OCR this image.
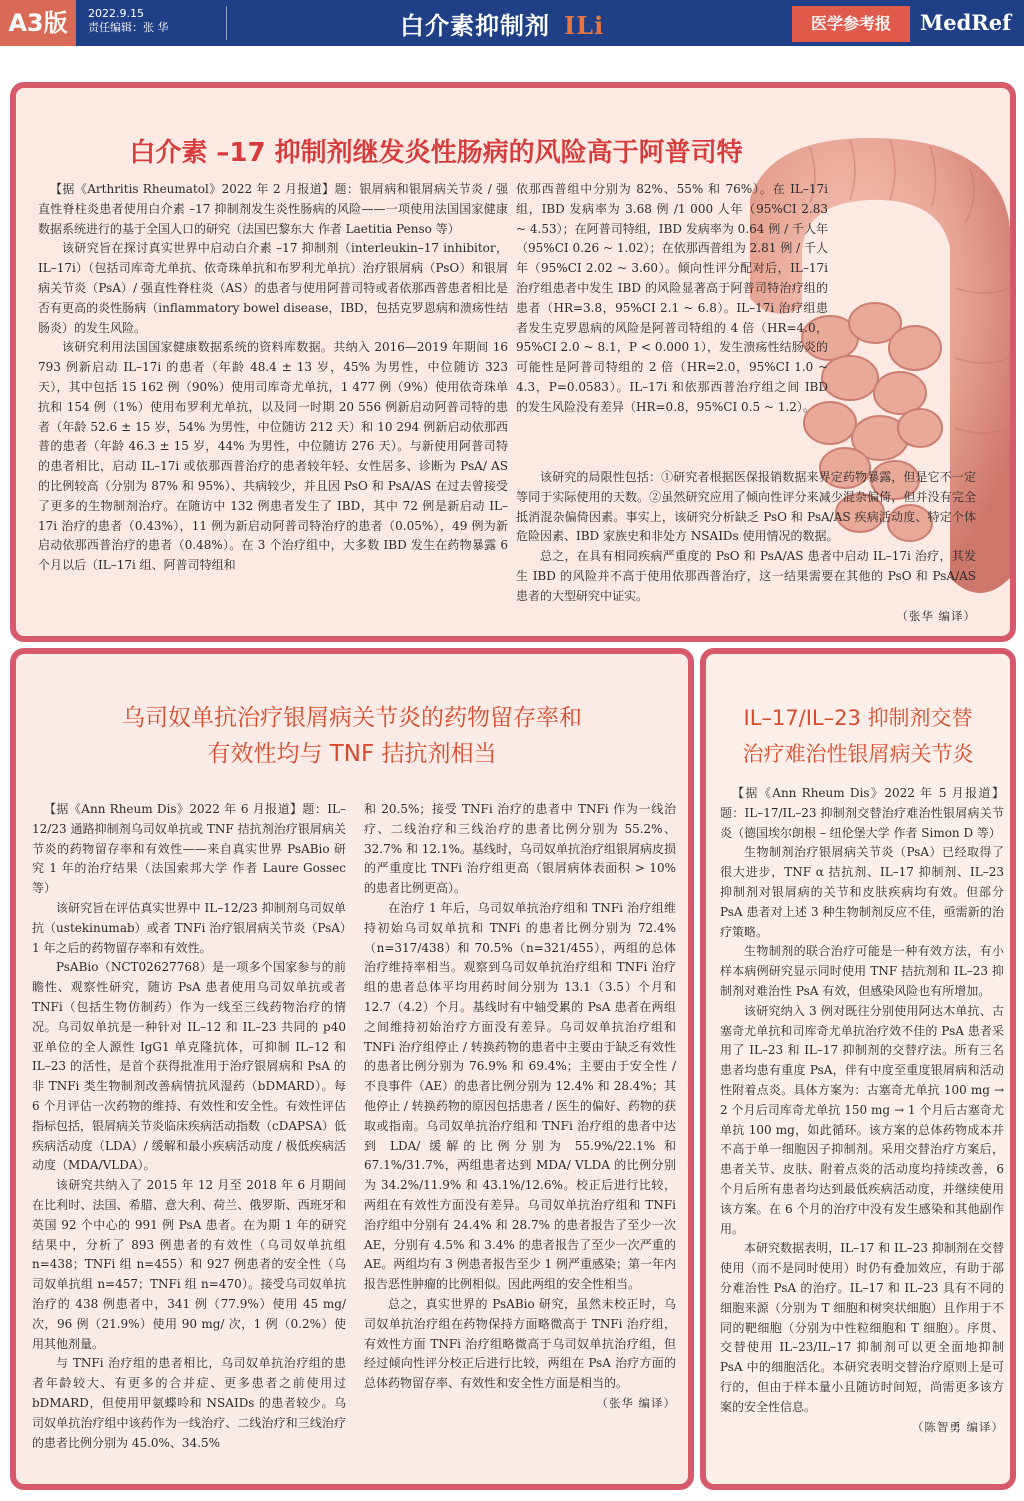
A3版	2022.9.15
责任编辑：张 华	白介素抑制剂 ILi	医学参考报	MedRef
白介素 –17 抑制剂继发炎性肠病的风险高于阿普司特

【据《Arthritis Rheumatol》2022 年 2 月报道】题：银屑病和银屑病关节炎 / 强直性脊柱炎患者使用白介素 –17 抑制剂发生炎性肠病的风险——一项使用法国国家健康数据系统进行的基于全国人口的研究（法国巴黎东大 作者 Laetitia Penso 等）

该研究旨在探讨真实世界中启动白介素 –17 抑制剂（interleukin–17 inhibitor，IL–17i）（包括司库奇尤单抗、依奇珠单抗和布罗利尤单抗）治疗银屑病（PsO）和银屑病关节炎（PsA）/ 强直性脊柱炎（AS）的患者与使用阿普司特或者依那西普患者相比是否有更高的炎性肠病（inflammatory bowel disease，IBD，包括克罗恩病和溃疡性结肠炎）的发生风险。

该研究利用法国国家健康数据系统的资料库数据。共纳入 2016—2019 年期间 16 793 例新启动 IL–17i 的患者（年龄 48.4 ± 13 岁，45% 为男性，中位随访 323 天），其中包括 15 162 例（90%）使用司库奇尤单抗，1 477 例（9%）使用依奇珠单抗和 154 例（1%）使用布罗利尤单抗，以及同一时期 20 556 例新启动阿普司特的患者（年龄 52.6 ± 15 岁，54% 为男性，中位随访 212 天）和 10 294 例新启动依那西普的患者（年龄 46.3 ± 15 岁，44% 为男性，中位随访 276 天）。与新使用阿普司特的患者相比，启动 IL–17i 或依那西普治疗的患者较年轻、女性居多、诊断为 PsA/ AS 的比例较高（分别为 87% 和 95%）、共病较少，并且因 PsO 和 PsA/AS 在过去曾接受了更多的生物制剂治疗。在随访中 132 例患者发生了 IBD，其中 72 例是新启动 IL–17i 治疗的患者（0.43%），11 例为新启动阿普司特治疗的患者（0.05%），49 例为新启动依那西普治疗的患者（0.48%）。在 3 个治疗组中，大多数 IBD 发生在药物暴露 6 个月以后（IL–17i 组、阿普司特组和

依那西普组中分别为 82%、55% 和 76%）。在 IL–17i 组，IBD 发病率为 3.68 例 /1 000 人年（95%CI 2.83 ~ 4.53）；在阿普司特组，IBD 发病率为 0.64 例 / 千人年（95%CI 0.26 ~ 1.02）；在依那西普组为 2.81 例 / 千人年（95%CI 2.02 ~ 3.60）。倾向性评分配对后，IL–17i 治疗组患者中发生 IBD 的风险显著高于阿普司特治疗组的患者（HR=3.8，95%CI 2.1 ~ 6.8）。IL–17i 治疗组患者发生克罗恩病的风险是阿普司特组的 4 倍（HR=4.0，95%CI 2.0 ~ 8.1，P < 0.000 1），发生溃疡性结肠炎的可能性是阿普司特组的 2 倍（HR=2.0，95%CI 1.0 ~ 4.3，P=0.0583）。IL–17i 和依那西普治疗组之间 IBD 的发生风险没有差异（HR=0.8，95%CI 0.5 ~ 1.2）。

该研究的局限性包括：①研究者根据医保报销数据来界定药物暴露，但是它不一定等同于实际使用的天数。②虽然研究应用了倾向性评分来减少混杂偏倚，但并没有完全抵消混杂偏倚因素。事实上，该研究分析缺乏 PsO 和 PsA/AS 疾病活动度、特定个体危险因素、IBD 家族史和非处方 NSAIDs 使用情况的数据。

总之，在具有相同疾病严重度的 PsO 和 PsA/AS 患者中启动 IL–17i 治疗，其发生 IBD 的风险并不高于使用依那西普治疗，这一结果需要在其他的 PsO 和 PsA/AS 患者的大型研究中证实。

（张华 编译）

乌司奴单抗治疗银屑病关节炎的药物留存率和
有效性均与 TNF 拮抗剂相当

【据《Ann Rheum Dis》2022 年 6 月报道】题：IL–12/23 通路抑制剂乌司奴单抗或 TNF 拮抗剂治疗银屑病关节炎的药物留存率和有效性——来自真实世界 PsABio 研究 1 年的治疗结果（法国索邦大学 作者 Laure Gossec 等）

该研究旨在评估真实世界中 IL–12/23 抑制剂乌司奴单抗（ustekinumab）或者 TNFi 治疗银屑病关节炎（PsA）1 年之后的药物留存率和有效性。

PsABio（NCT02627768）是一项多个国家参与的前瞻性、观察性研究，随访 PsA 患者使用乌司奴单抗或者 TNFi（包括生物仿制药）作为一线至三线药物治疗的情况。乌司奴单抗是一种针对 IL–12 和 IL–23 共同的 p40 亚单位的全人源性 IgG1 单克隆抗体，可抑制 IL–12 和 IL–23 的活性，是首个获得批准用于治疗银屑病和 PsA 的非 TNFi 类生物制剂改善病情抗风湿药（bDMARD）。每 6 个月评估一次药物的维持、有效性和安全性。有效性评估指标包括，银屑病关节炎临床疾病活动指数（cDAPSA）低疾病活动度（LDA）/ 缓解和最小疾病活动度 / 极低疾病活动度（MDA/VLDA）。

该研究共纳入了 2015 年 12 月至 2018 年 6 月期间在比利时、法国、希腊、意大利、荷兰、俄罗斯、西班牙和英国 92 个中心的 991 例 PsA 患者。在为期 1 年的研究结果中，分析了 893 例患者的有效性（乌司奴单抗组 n=438；TNFi 组 n=455）和 927 例患者的安全性（乌司奴单抗组 n=457；TNFi 组 n=470）。接受乌司奴单抗治疗的 438 例患者中，341 例（77.9%）使用 45 mg/ 次，96 例（21.9%）使用 90 mg/ 次，1 例（0.2%）使用其他剂量。

与 TNFi 治疗组的患者相比，乌司奴单抗治疗组的患者年龄较大、有更多的合并症、更多患者之前使用过 bDMARD，但使用甲氨蝶呤和 NSAIDs 的患者较少。乌司奴单抗治疗组中该药作为一线治疗、二线治疗和三线治疗的患者比例分别为 45.0%、34.5%

和 20.5%；接受 TNFi 治疗的患者中 TNFi 作为一线治疗、二线治疗和三线治疗的患者比例分别为 55.2%、32.7% 和 12.1%。基线时，乌司奴单抗治疗组银屑病皮损的严重度比 TNFi 治疗组更高（银屑病体表面积 > 10% 的患者比例更高）。

在治疗 1 年后，乌司奴单抗治疗组和 TNFi 治疗组维持初始乌司奴单抗和 TNFi 的患者比例分别为 72.4%（n=317/438）和 70.5%（n=321/455），两组的总体治疗维持率相当。观察到乌司奴单抗治疗组和 TNFi 治疗组的患者总体平均用药时间分别为 13.1（3.5）个月和 12.7（4.2）个月。基线时有中轴受累的 PsA 患者在两组之间维持初始治疗方面没有差异。乌司奴单抗治疗组和 TNFi 治疗组停止 / 转换药物的患者中主要由于缺乏有效性的患者比例分别为 76.9% 和 69.4%；主要由于安全性 / 不良事件（AE）的患者比例分别为 12.4% 和 28.4%；其他停止 / 转换药物的原因包括患者 / 医生的偏好、药物的获取或指南。乌司奴单抗治疗组和 TNFi 治疗组的患者中达到 LDA/ 缓解的比例分别为 55.9%/22.1% 和 67.1%/31.7%，两组患者达到 MDA/ VLDA 的比例分别为 34.2%/11.9% 和 43.1%/12.6%。校正后进行比较，两组在有效性方面没有差异。乌司奴单抗治疗组和 TNFi 治疗组中分别有 24.4% 和 28.7% 的患者报告了至少一次 AE，分别有 4.5% 和 3.4% 的患者报告了至少一次严重的 AE。两组均有 3 例患者报告至少 1 例严重感染；第一年内报告恶性肿瘤的比例相似。因此两组的安全性相当。

总之，真实世界的 PsABio 研究，虽然未校正时，乌司奴单抗治疗组在药物保持方面略微高于 TNFi 治疗组，有效性方面 TNFi 治疗组略微高于乌司奴单抗治疗组，但经过倾向性评分校正后进行比较，两组在 PsA 治疗方面的总体药物留存率、有效性和安全性方面是相当的。

（张华 编译）

IL–17/IL–23 抑制剂交替
治疗难治性银屑病关节炎

【据《Ann Rheum Dis》2022 年 5 月报道】题：IL–17/IL–23 抑制剂交替治疗难治性银屑病关节炎（德国埃尔朗根 – 纽伦堡大学 作者 Simon D 等）

生物制剂治疗银屑病关节炎（PsA）已经取得了很大进步，TNF α 拮抗剂、IL–17 抑制剂、IL–23 抑制剂对银屑病的关节和皮肤疾病均有效。但部分 PsA 患者对上述 3 种生物制剂反应不佳，亟需新的治疗策略。

生物制剂的联合治疗可能是一种有效方法，有小样本病例研究显示同时使用 TNF 拮抗剂和 IL–23 抑制剂对难治性 PsA 有效，但感染风险也有所增加。

该研究纳入 3 例对既往分别使用阿达木单抗、古塞奇尤单抗和司库奇尤单抗治疗效不佳的 PsA 患者采用了 IL–23 和 IL–17 抑制剂的交替疗法。所有三名患者均患有重度 PsA，伴有中度至重度银屑病和活动性附着点炎。具体方案为：古塞奇尤单抗 100 mg → 2 个月后司库奇尤单抗 150 mg → 1 个月后古塞奇尤单抗 100 mg，如此循环。该方案的总体药物成本并不高于单一细胞因子抑制剂。采用交替治疗方案后，患者关节、皮肤、附着点炎的活动度均持续改善，6 个月后所有患者均达到最低疾病活动度，并继续使用该方案。在 6 个月的治疗中没有发生感染和其他副作用。

本研究数据表明，IL–17 和 IL–23 抑制剂在交替使用（而不是同时使用）时仍有叠加效应，有助于部分难治性 PsA 的治疗。IL–17 和 IL–23 具有不同的细胞来源（分别为 T 细胞和树突状细胞）且作用于不同的靶细胞（分别为中性粒细胞和 T 细胞）。序贯、交替使用 IL–23/IL–17 抑制剂可以更全面地抑制 PsA 中的细胞活化。本研究表明交替治疗原则上是可行的，但由于样本量小且随访时间短，尚需更多该方案的安全性信息。

（陈智勇 编译）
